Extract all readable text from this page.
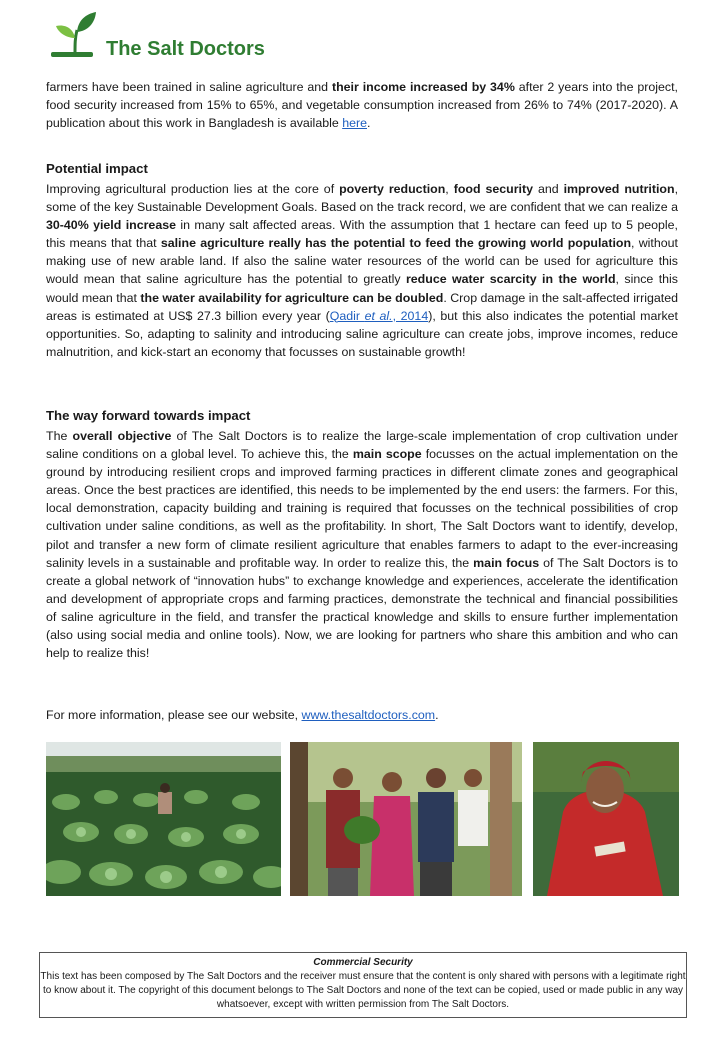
The Salt Doctors

farmers have been trained in saline agriculture and their income increased by 34% after 2 years into the project, food security increased from 15% to 65%, and vegetable consumption increased from 26% to 74% (2017-2020). A publication about this work in Bangladesh is available here.

Potential impact

Improving agricultural production lies at the core of poverty reduction, food security and improved nutrition, some of the key Sustainable Development Goals. Based on the track record, we are confident that we can realize a 30-40% yield increase in many salt affected areas. With the assumption that 1 hectare can feed up to 5 people, this means that that saline agriculture really has the potential to feed the growing world population, without making use of new arable land. If also the saline water resources of the world can be used for agriculture this would mean that saline agriculture has the potential to greatly reduce water scarcity in the world, since this would mean that the water availability for agriculture can be doubled. Crop damage in the salt-affected irrigated areas is estimated at US$ 27.3 billion every year (Qadir et al., 2014), but this also indicates the potential market opportunities. So, adapting to salinity and introducing saline agriculture can create jobs, improve incomes, reduce malnutrition, and kick-start an economy that focusses on sustainable growth!

The way forward towards impact

The overall objective of The Salt Doctors is to realize the large-scale implementation of crop cultivation under saline conditions on a global level. To achieve this, the main scope focusses on the actual implementation on the ground by introducing resilient crops and improved farming practices in different climate zones and geographical areas. Once the best practices are identified, this needs to be implemented by the end users: the farmers. For this, local demonstration, capacity building and training is required that focusses on the technical possibilities of crop cultivation under saline conditions, as well as the profitability. In short, The Salt Doctors want to identify, develop, pilot and transfer a new form of climate resilient agriculture that enables farmers to adapt to the ever-increasing salinity levels in a sustainable and profitable way. In order to realize this, the main focus of The Salt Doctors is to create a global network of “innovation hubs” to exchange knowledge and experiences, accelerate the identification and development of appropriate crops and farming practices, demonstrate the technical and financial possibilities of saline agriculture in the field, and transfer the practical knowledge and skills to ensure further implementation (also using social media and online tools). Now, we are looking for partners who share this ambition and who can help to realize this!

For more information, please see our website, www.thesaltdoctors.com.

Commercial Security
This text has been composed by The Salt Doctors and the receiver must ensure that the content is only shared with persons with a legitimate right to know about it. The copyright of this document belongs to The Salt Doctors and none of the text can be copied, used or made public in any way whatsoever, except with written permission from The Salt Doctors.
